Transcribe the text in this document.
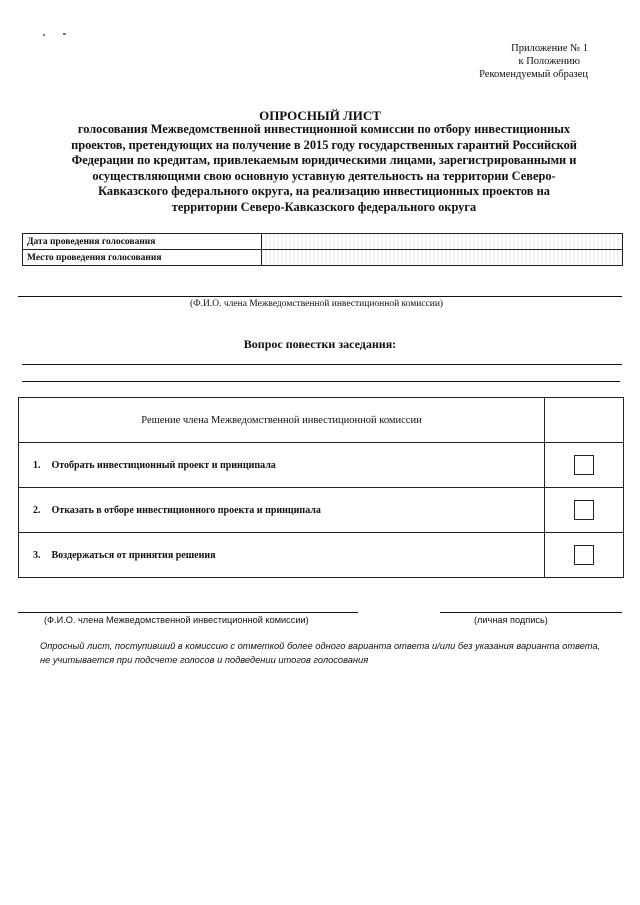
Приложение № 1
к Положению
Рекомендуемый образец
ОПРОСНЫЙ ЛИСТ
голосования Межведомственной инвестиционной комиссии по отбору инвестиционных
проектов, претендующих на получение в 2015 году государственных гарантий Российской
Федерации по кредитам, привлекаемым юридическими лицами, зарегистрированными и
осуществляющими свою основную уставную деятельность на территории Северо-
Кавказского федерального округа, на реализацию инвестиционных проектов на
территории Северо-Кавказского федерального округа
Дата проведения голосования	
Место проведения голосования	
(Ф.И.О. члена Межведомственной инвестиционной комиссии)
Вопрос повестки заседания:
Решение члена Межведомственной инвестиционной комиссии	
1. Отобрать инвестиционный проект и принципала	
2. Отказать в отборе инвестиционного проекта и принципала	
3. Воздержаться от принятия решения	
(Ф.И.О. члена Межведомственной инвестиционной комиссии)	(личная подпись)
Опросный лист, поступивший в комиссию с отметкой более одного варианта ответа и/или без указания варианта ответа,
не учитывается при подсчете голосов и подведении итогов голосования
